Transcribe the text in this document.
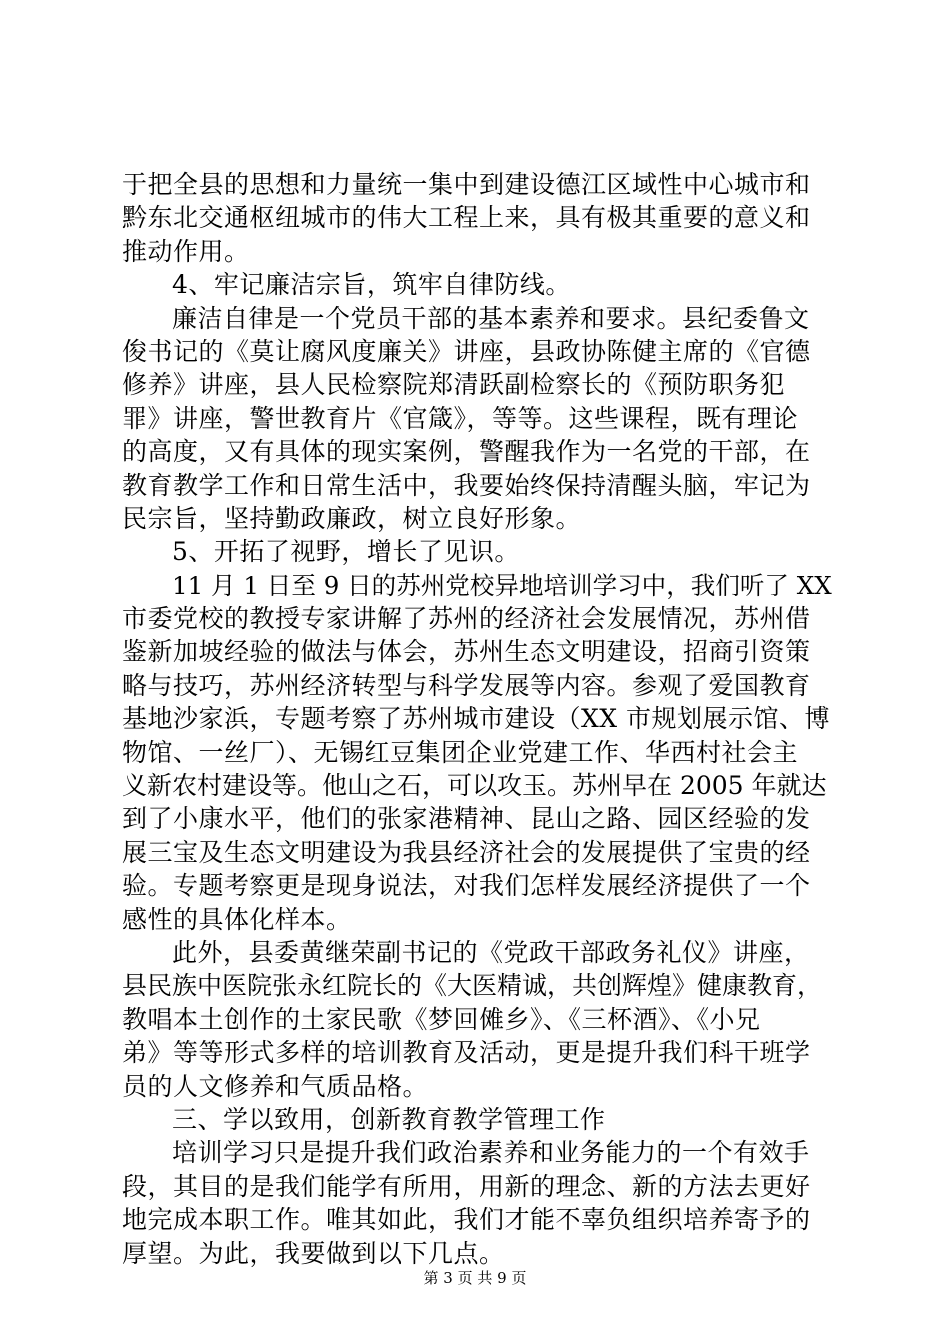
于把全县的思想和力量统一集中到建设德江区域性中心城市和
黔东北交通枢纽城市的伟大工程上来，具有极其重要的意义和
推动作用。
4、牢记廉洁宗旨，筑牢自律防线。
廉洁自律是一个党员干部的基本素养和要求。县纪委鲁文
俊书记的《莫让腐风度廉关》讲座，县政协陈健主席的《官德
修养》讲座，县人民检察院郑清跃副检察长的《预防职务犯
罪》讲座，警世教育片《官箴》，等等。这些课程，既有理论
的高度，又有具体的现实案例，警醒我作为一名党的干部，在
教育教学工作和日常生活中，我要始终保持清醒头脑，牢记为
民宗旨，坚持勤政廉政，树立良好形象。
5、开拓了视野，增长了见识。
11 月 1 日至 9 日的苏州党校异地培训学习中，我们听了 XX
市委党校的教授专家讲解了苏州的经济社会发展情况，苏州借
鉴新加坡经验的做法与体会，苏州生态文明建设，招商引资策
略与技巧，苏州经济转型与科学发展等内容。参观了爱国教育
基地沙家浜，专题考察了苏州城市建设（XX 市规划展示馆、博
物馆、一丝厂）、无锡红豆集团企业党建工作、华西村社会主
义新农村建设等。他山之石，可以攻玉。苏州早在 2005 年就达
到了小康水平，他们的张家港精神、昆山之路、园区经验的发
展三宝及生态文明建设为我县经济社会的发展提供了宝贵的经
验。专题考察更是现身说法，对我们怎样发展经济提供了一个
感性的具体化样本。
此外，县委黄继荣副书记的《党政干部政务礼仪》讲座，
县民族中医院张永红院长的《大医精诚，共创辉煌》健康教育，
教唱本土创作的土家民歌《梦回傩乡》、《三杯酒》、《小兄
弟》等等形式多样的培训教育及活动，更是提升我们科干班学
员的人文修养和气质品格。
三、学以致用，创新教育教学管理工作
培训学习只是提升我们政治素养和业务能力的一个有效手
段，其目的是我们能学有所用，用新的理念、新的方法去更好
地完成本职工作。唯其如此，我们才能不辜负组织培养寄予的
厚望。为此，我要做到以下几点。
第 3 页 共 9 页
